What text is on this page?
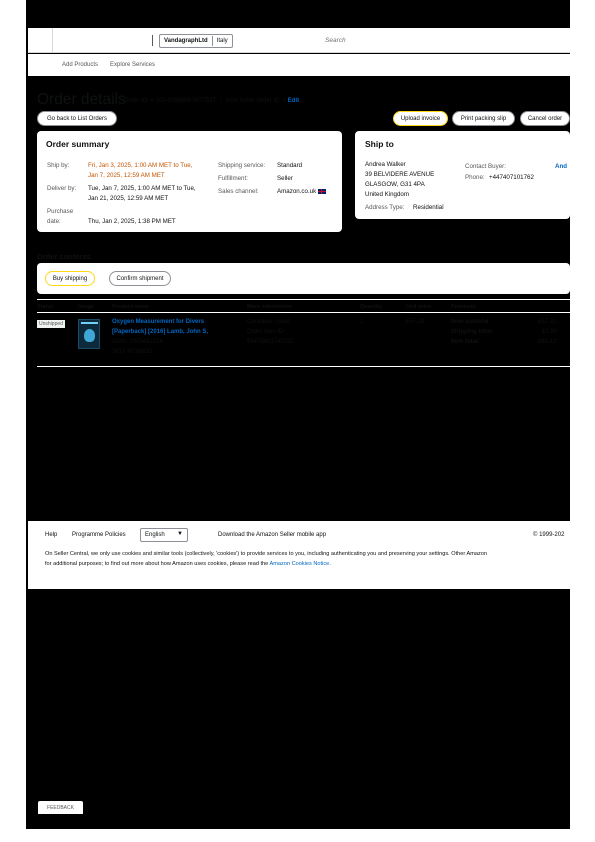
VandagraphLtd	Italy	Search
Add Products Explore Services
Order details
Order ID: # 202-6268698-0077537 | Your Seller Order ID: # Edit
Go back to List Orders	Upload invoice	Print packing slip	Cancel order
Order summary
Ship by:	Fri, Jan 3, 2025, 1:00 AM MET to Tue,
Jan 7, 2025, 12:59 AM MET
Deliver by: Tue, Jan 7, 2025, 1:00 AM MET to Tue,
Jan 21, 2025, 12:59 AM MET
Purchase
date:	Thu, Jan 2, 2025, 1:38 PM MET
Shipping service: Standard
Fulfillment:	Seller
Sales channel:	Amazon.co.uk
Ship to
Andrea Walker
39 BELVIDERE AVENUE
GLASGOW, G31 4PA
United Kingdom
Address Type: Residential
Contact Buyer:	And
Phone: +447407101762
Order contents
Buy shipping	Confirm shipment
Status	Image	Product name	More information	Quantity	Unit price	Proceeds
Unshipped	Oxygen Measurement for Divers
[Paperback] [2016] Lamb, John S,
ASIN: 1905492134
SKU: 9TS6633
Condition: Used
Order Item ID:
65476603740732
1	£57.33	Item subtotal:	£57.33
Shipping total:	£2.80
Item total:	£60.13
Help Programme Policies	English ▼	Download the Amazon Seller mobile app	© 1999-202
On Seller Central, we only use cookies and similar tools (collectively, 'cookies') to provide services to you, including authenticating you and preserving your settings. Other Amazon
for additional purposes; to find out more about how Amazon uses cookies, please read the Amazon Cookies Notice.
FEEDBACK
